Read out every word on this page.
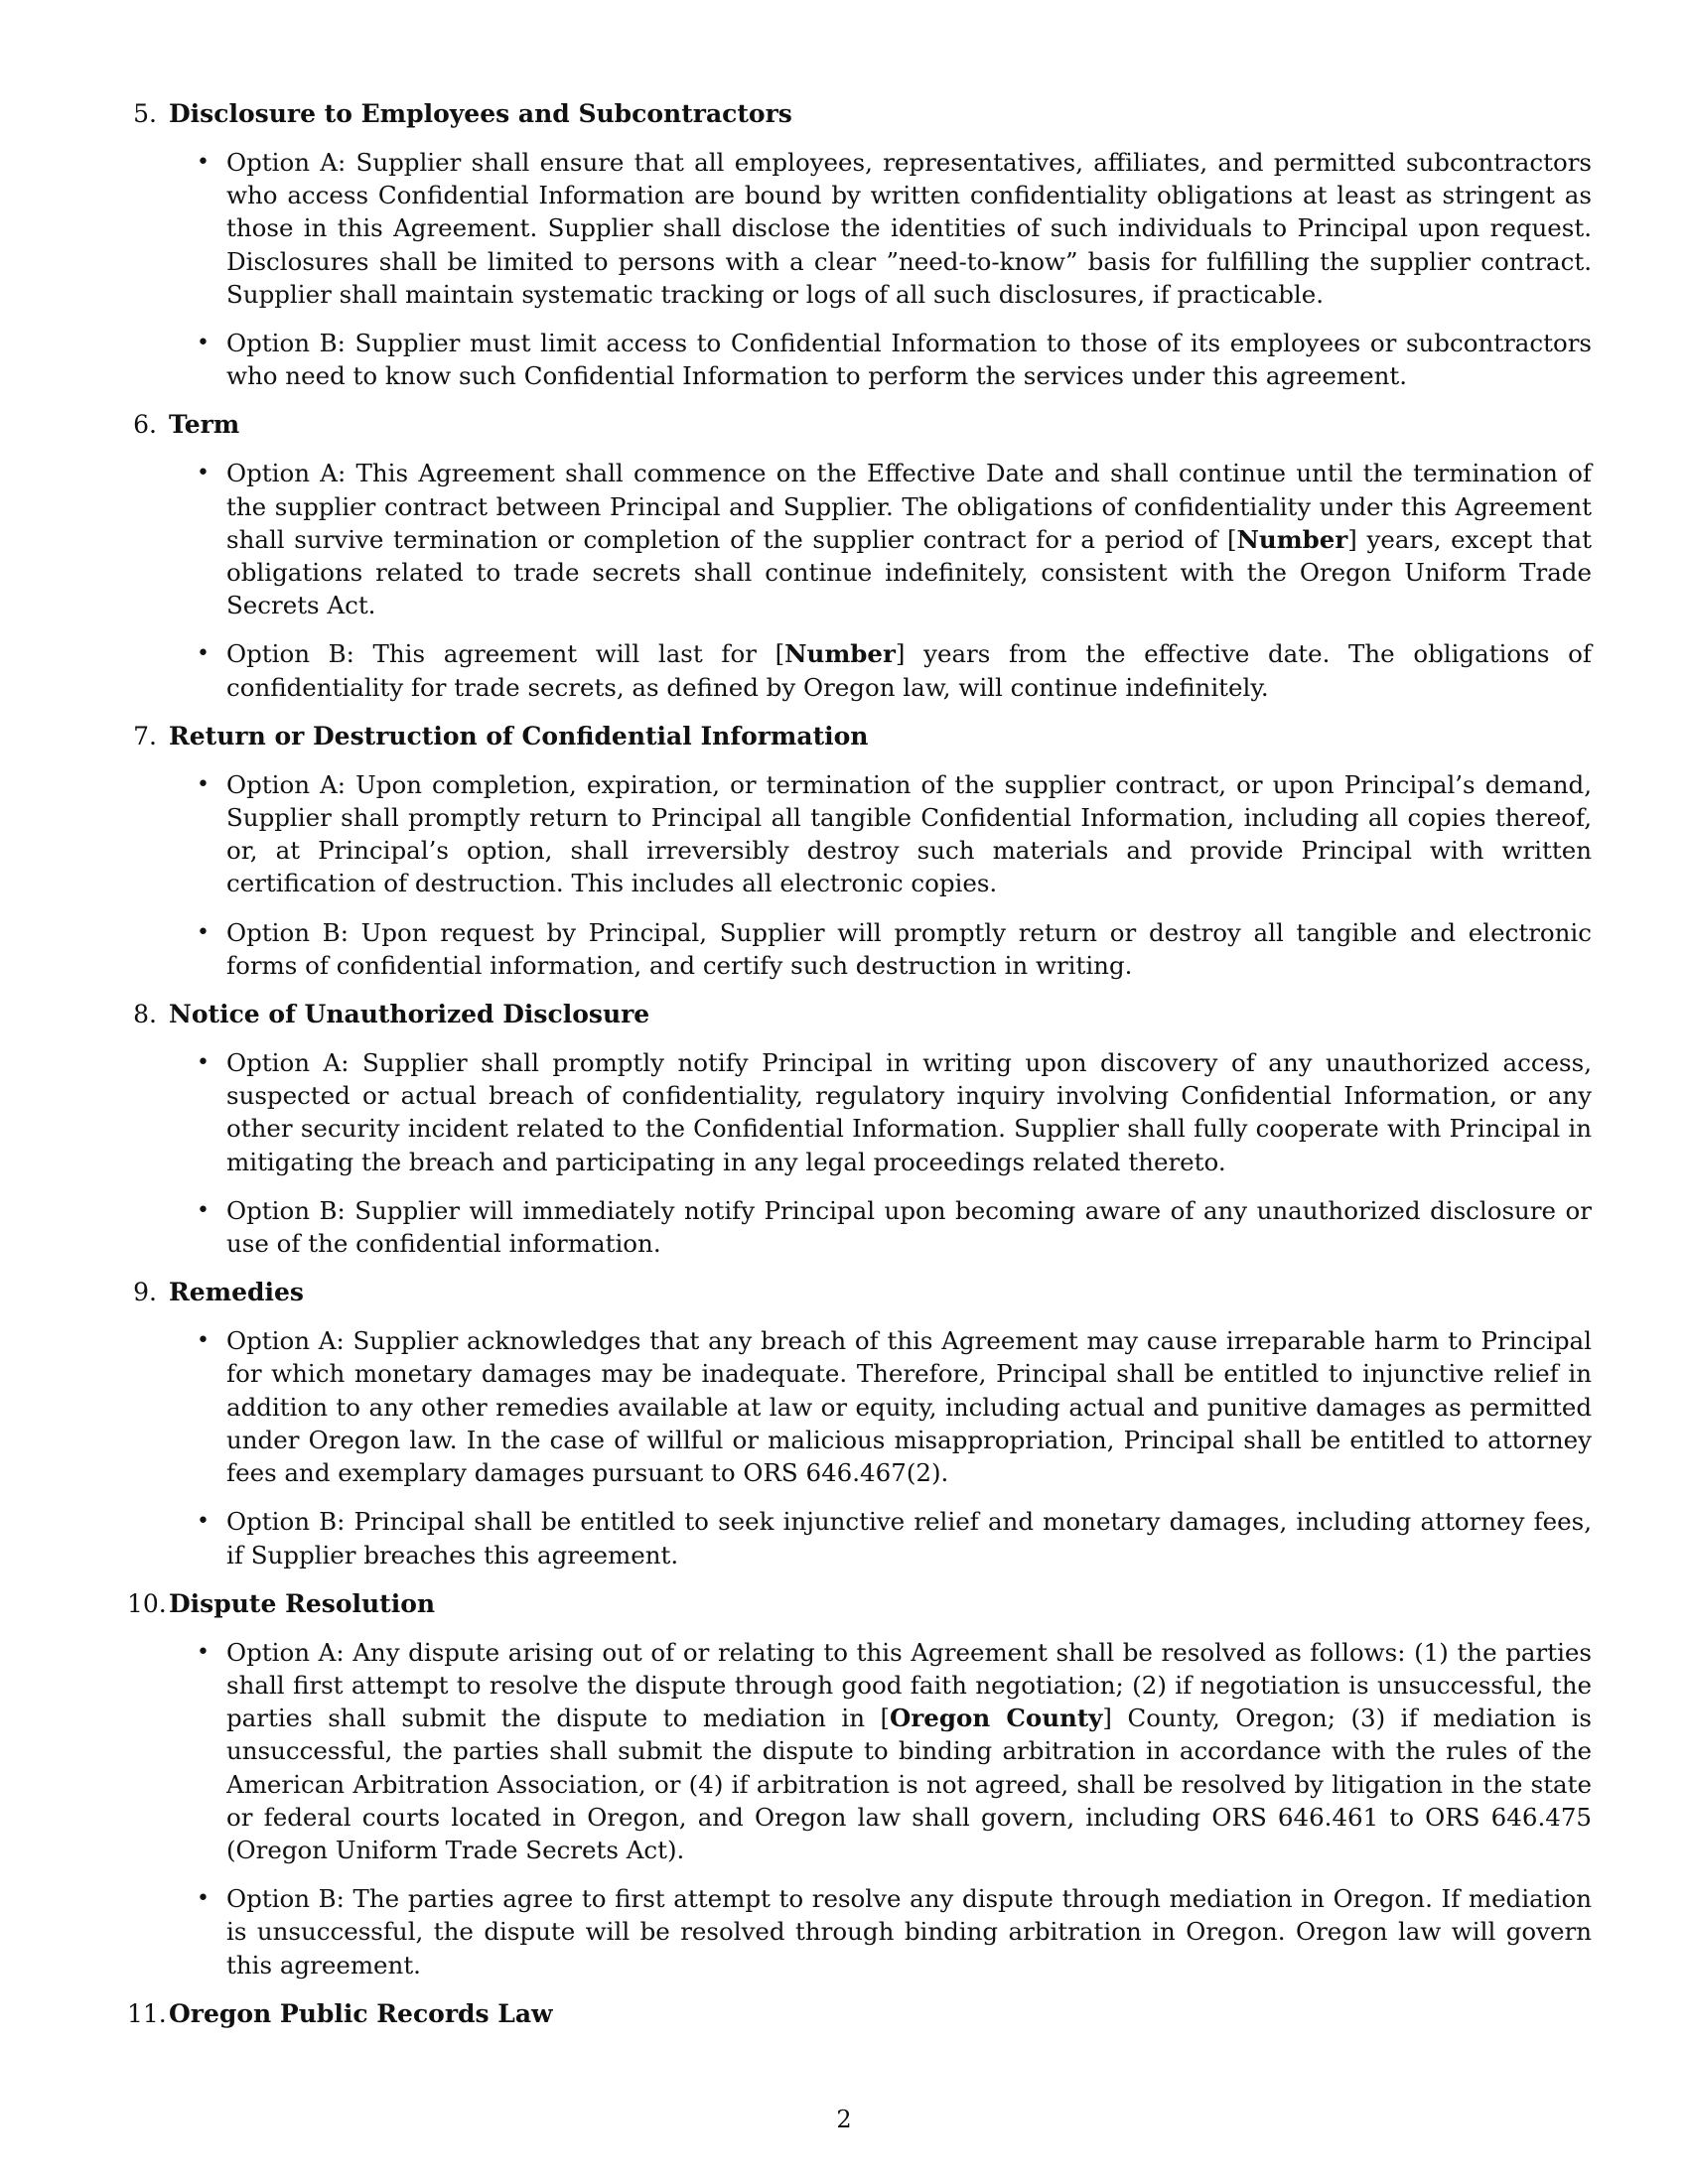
5. Disclosure to Employees and Subcontractors
• Option A: Supplier shall ensure that all employees, representatives, affiliates, and permitted subcontractors who access Confidential Information are bound by written confidentiality obligations at least as stringent as those in this Agreement. Supplier shall disclose the identities of such individuals to Principal upon request. Disclosures shall be limited to persons with a clear ”need-to-know” basis for fulfilling the supplier contract. Supplier shall maintain systematic tracking or logs of all such disclosures, if practicable.
• Option B: Supplier must limit access to Confidential Information to those of its employees or subcontractors who need to know such Confidential Information to perform the services under this agreement.
6. Term
• Option A: This Agreement shall commence on the Effective Date and shall continue until the termination of the supplier contract between Principal and Supplier. The obligations of confidentiality under this Agreement shall survive termination or completion of the supplier contract for a period of [Number] years, except that obligations related to trade secrets shall continue indefinitely, consistent with the Oregon Uniform Trade Secrets Act.
• Option B: This agreement will last for [Number] years from the effective date. The obligations of confidentiality for trade secrets, as defined by Oregon law, will continue indefinitely.
7. Return or Destruction of Confidential Information
• Option A: Upon completion, expiration, or termination of the supplier contract, or upon Principal’s demand, Supplier shall promptly return to Principal all tangible Confidential Information, including all copies thereof, or, at Principal’s option, shall irreversibly destroy such materials and provide Principal with written certification of destruction. This includes all electronic copies.
• Option B: Upon request by Principal, Supplier will promptly return or destroy all tangible and electronic forms of confidential information, and certify such destruction in writing.
8. Notice of Unauthorized Disclosure
• Option A: Supplier shall promptly notify Principal in writing upon discovery of any unauthorized access, suspected or actual breach of confidentiality, regulatory inquiry involving Confidential Information, or any other security incident related to the Confidential Information. Supplier shall fully cooperate with Principal in mitigating the breach and participating in any legal proceedings related thereto.
• Option B: Supplier will immediately notify Principal upon becoming aware of any unauthorized disclosure or use of the confidential information.
9. Remedies
• Option A: Supplier acknowledges that any breach of this Agreement may cause irreparable harm to Principal for which monetary damages may be inadequate. Therefore, Principal shall be entitled to injunctive relief in addition to any other remedies available at law or equity, including actual and punitive damages as permitted under Oregon law. In the case of willful or malicious misappropriation, Principal shall be entitled to attorney fees and exemplary damages pursuant to ORS 646.467(2).
• Option B: Principal shall be entitled to seek injunctive relief and monetary damages, including attorney fees, if Supplier breaches this agreement.
10. Dispute Resolution
• Option A: Any dispute arising out of or relating to this Agreement shall be resolved as follows: (1) the parties shall first attempt to resolve the dispute through good faith negotiation; (2) if negotiation is unsuccessful, the parties shall submit the dispute to mediation in [Oregon County] County, Oregon; (3) if mediation is unsuccessful, the parties shall submit the dispute to binding arbitration in accordance with the rules of the American Arbitration Association, or (4) if arbitration is not agreed, shall be resolved by litigation in the state or federal courts located in Oregon, and Oregon law shall govern, including ORS 646.461 to ORS 646.475 (Oregon Uniform Trade Secrets Act).
• Option B: The parties agree to first attempt to resolve any dispute through mediation in Oregon. If mediation is unsuccessful, the dispute will be resolved through binding arbitration in Oregon. Oregon law will govern this agreement.
11. Oregon Public Records Law
2
